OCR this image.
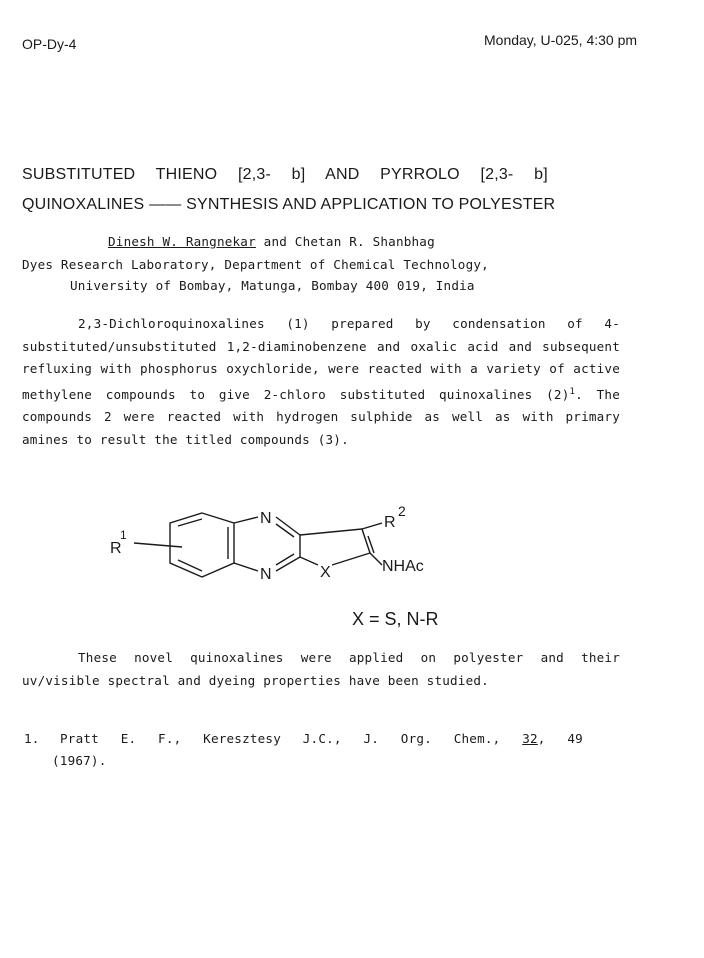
OP-Dy-4	Monday, U-025, 4:30 pm
SUBSTITUTED THIENO [2,3- b] AND PYRROLO [2,3- b]
QUINOXALINES —— SYNTHESIS AND APPLICATION TO POLYESTER
Dinesh W. Rangnekar and Chetan R. Shanbhag
Dyes Research Laboratory, Department of Chemical Technology,
University of Bombay, Matunga, Bombay 400 019, India
2,3-Dichloroquinoxalines (1) prepared by condensation of 4-substituted/unsubstituted 1,2-diaminobenzene and oxalic acid and subsequent refluxing with phosphorus oxychloride, were reacted with a variety of active methylene compounds to give 2-chloro substituted quinoxalines $(2)^1$. The compounds 2 were reacted with hydrogen sulphide as well as with primary amines to result the titled compounds (3).
N
N	X
R
1
R
2
NHAc
X = S, N-R
These novel quinoxalines were applied on polyester and their uv/visible spectral and dyeing properties have been studied.
1. Pratt E. F., Keresztesy J.C., J. Org. Chem., 32, 49
(1967).
